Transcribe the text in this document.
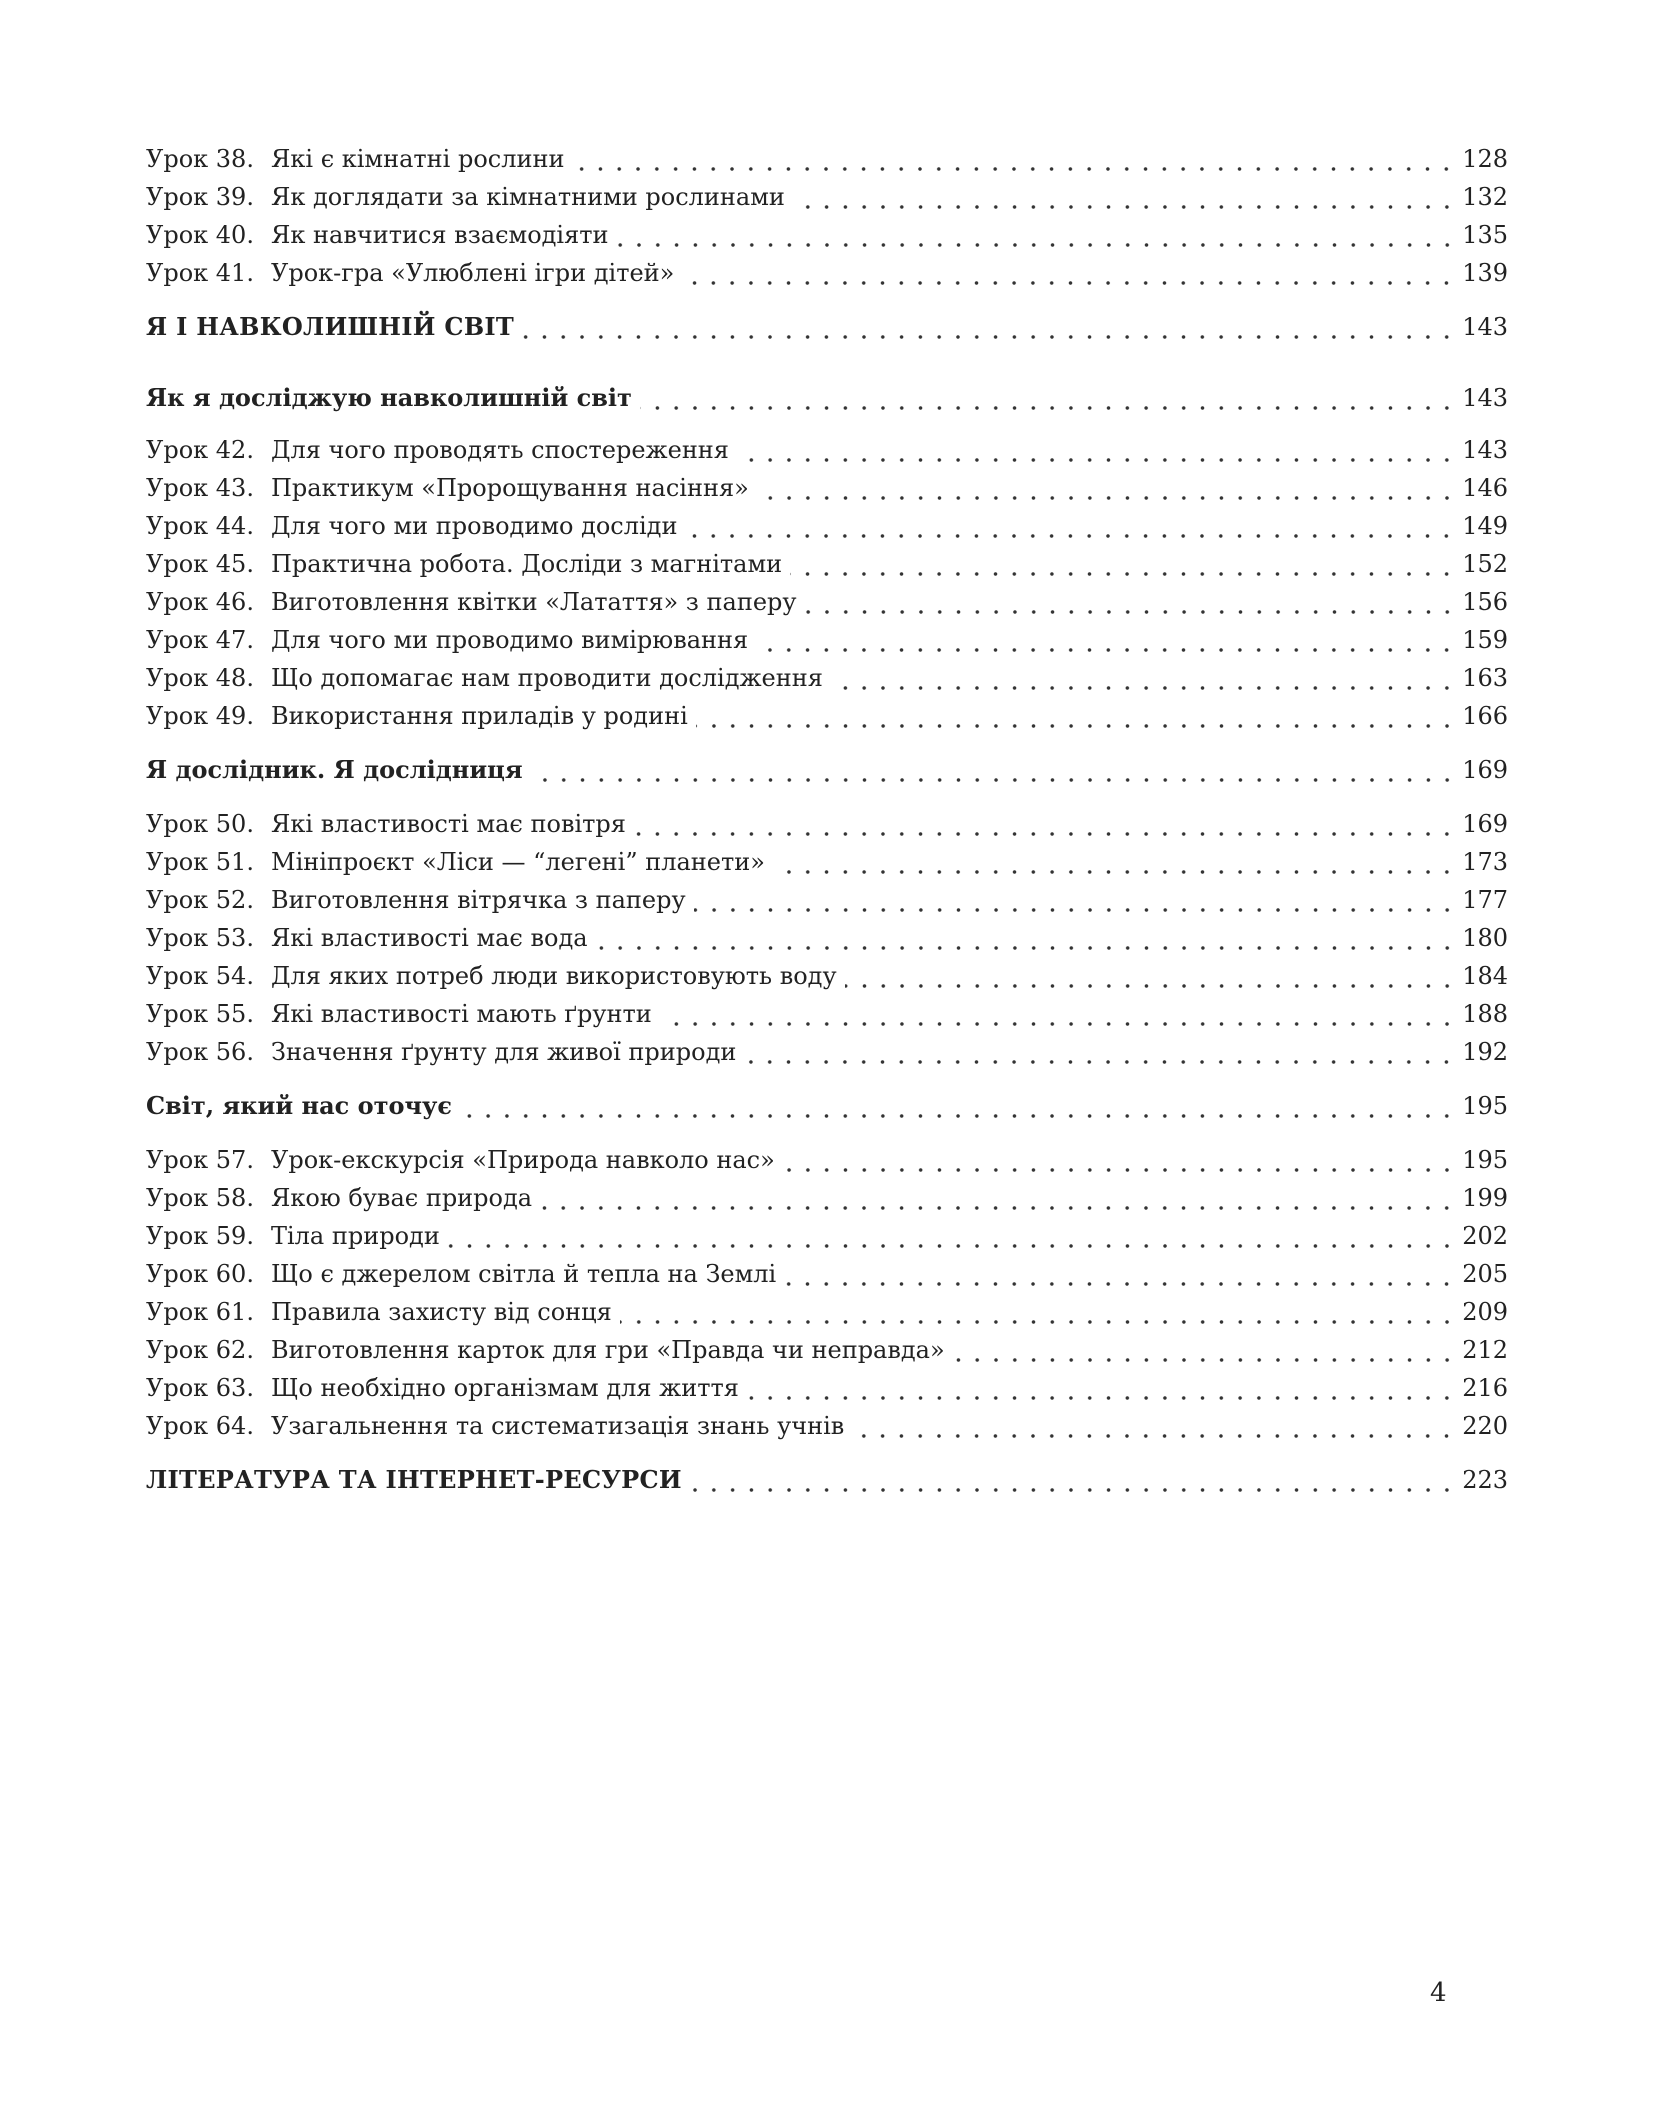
Урок 38. Які є кімнатні рослини	128
Урок 39. Як доглядати за кімнатними рослинами	132
Урок 40. Як навчитися взаємодіяти	135
Урок 41. Урок-гра «Улюблені ігри дітей»	139
Я І НАВКОЛИШНІЙ СВІТ	143
Як я досліджую навколишній світ	143
Урок 42. Для чого проводять спостереження	143
Урок 43. Практикум «Пророщування насіння»	146
Урок 44. Для чого ми проводимо досліди	149
Урок 45. Практична робота. Досліди з магнітами	152
Урок 46. Виготовлення квітки «Латаття» з паперу	156
Урок 47. Для чого ми проводимо вимірювання	159
Урок 48. Що допомагає нам проводити дослідження	163
Урок 49. Використання приладів у родині	166
Я дослідник. Я дослідниця	169
Урок 50. Які властивості має повітря	169
Урок 51. Мініпроєкт «Ліси — “легені” планети»	173
Урок 52. Виготовлення вітрячка з паперу	177
Урок 53. Які властивості має вода	180
Урок 54. Для яких потреб люди використовують воду	184
Урок 55. Які властивості мають ґрунти	188
Урок 56. Значення ґрунту для живої природи	192
Світ, який нас оточує	195
Урок 57. Урок-екскурсія «Природа навколо нас»	195
Урок 58. Якою буває природа	199
Урок 59. Тіла природи	202
Урок 60. Що є джерелом світла й тепла на Землі	205
Урок 61. Правила захисту від сонця	209
Урок 62. Виготовлення карток для гри «Правда чи неправда»	212
Урок 63. Що необхідно організмам для життя	216
Урок 64. Узагальнення та систематизація знань учнів	220
ЛІТЕРАТУРА ТА ІНТЕРНЕТ-РЕСУРСИ	223
4
